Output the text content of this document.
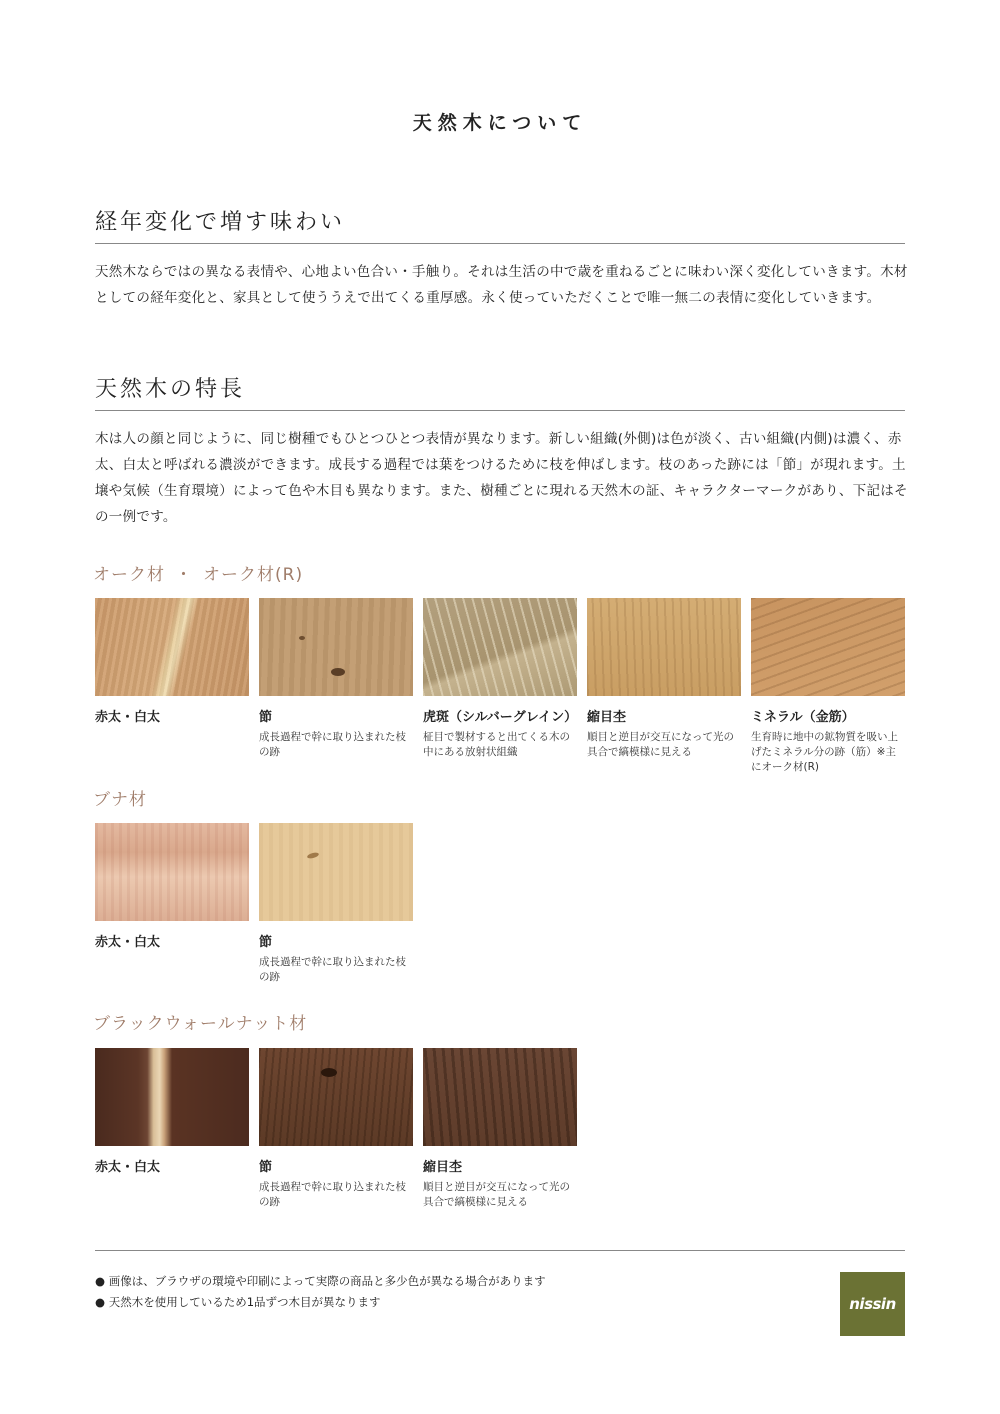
天然木について
経年変化で増す味わい
天然木ならではの異なる表情や、心地よい色合い・手触り。それは生活の中で歳を重ねるごとに味わい深く変化していきます。木材としての経年変化と、家具として使ううえで出てくる重厚感。永く使っていただくことで唯一無二の表情に変化していきます。
天然木の特長
木は人の顔と同じように、同じ樹種でもひとつひとつ表情が異なります。新しい組織(外側)は色が淡く、古い組織(内側)は濃く、赤太、白太と呼ばれる濃淡ができます。成長する過程では葉をつけるために枝を伸ばします。枝のあった跡には「節」が現れます。土壌や気候（生育環境）によって色や木目も異なります。また、樹種ごとに現れる天然木の証、キャラクターマークがあり、下記はその一例です。
オーク材 ・ オーク材(R)
赤太・白太	節
成長過程で幹に取り込まれた枝の跡
虎斑（シルバーグレイン）
柾目で製材すると出てくる木の中にある放射状組織
縮目杢
順目と逆目が交互になって光の具合で縞模様に見える
ミネラル（金筋）
生育時に地中の鉱物質を吸い上げたミネラル分の跡（筋）※主にオーク材(R)
ブナ材
赤太・白太	節
成長過程で幹に取り込まれた枝の跡
ブラックウォールナット材
赤太・白太	節
成長過程で幹に取り込まれた枝の跡
縮目杢
順目と逆目が交互になって光の具合で縞模様に見える
● 画像は、ブラウザの環境や印刷によって実際の商品と多少色が異なる場合があります
● 天然木を使用しているため1品ずつ木目が異なります	nissin
